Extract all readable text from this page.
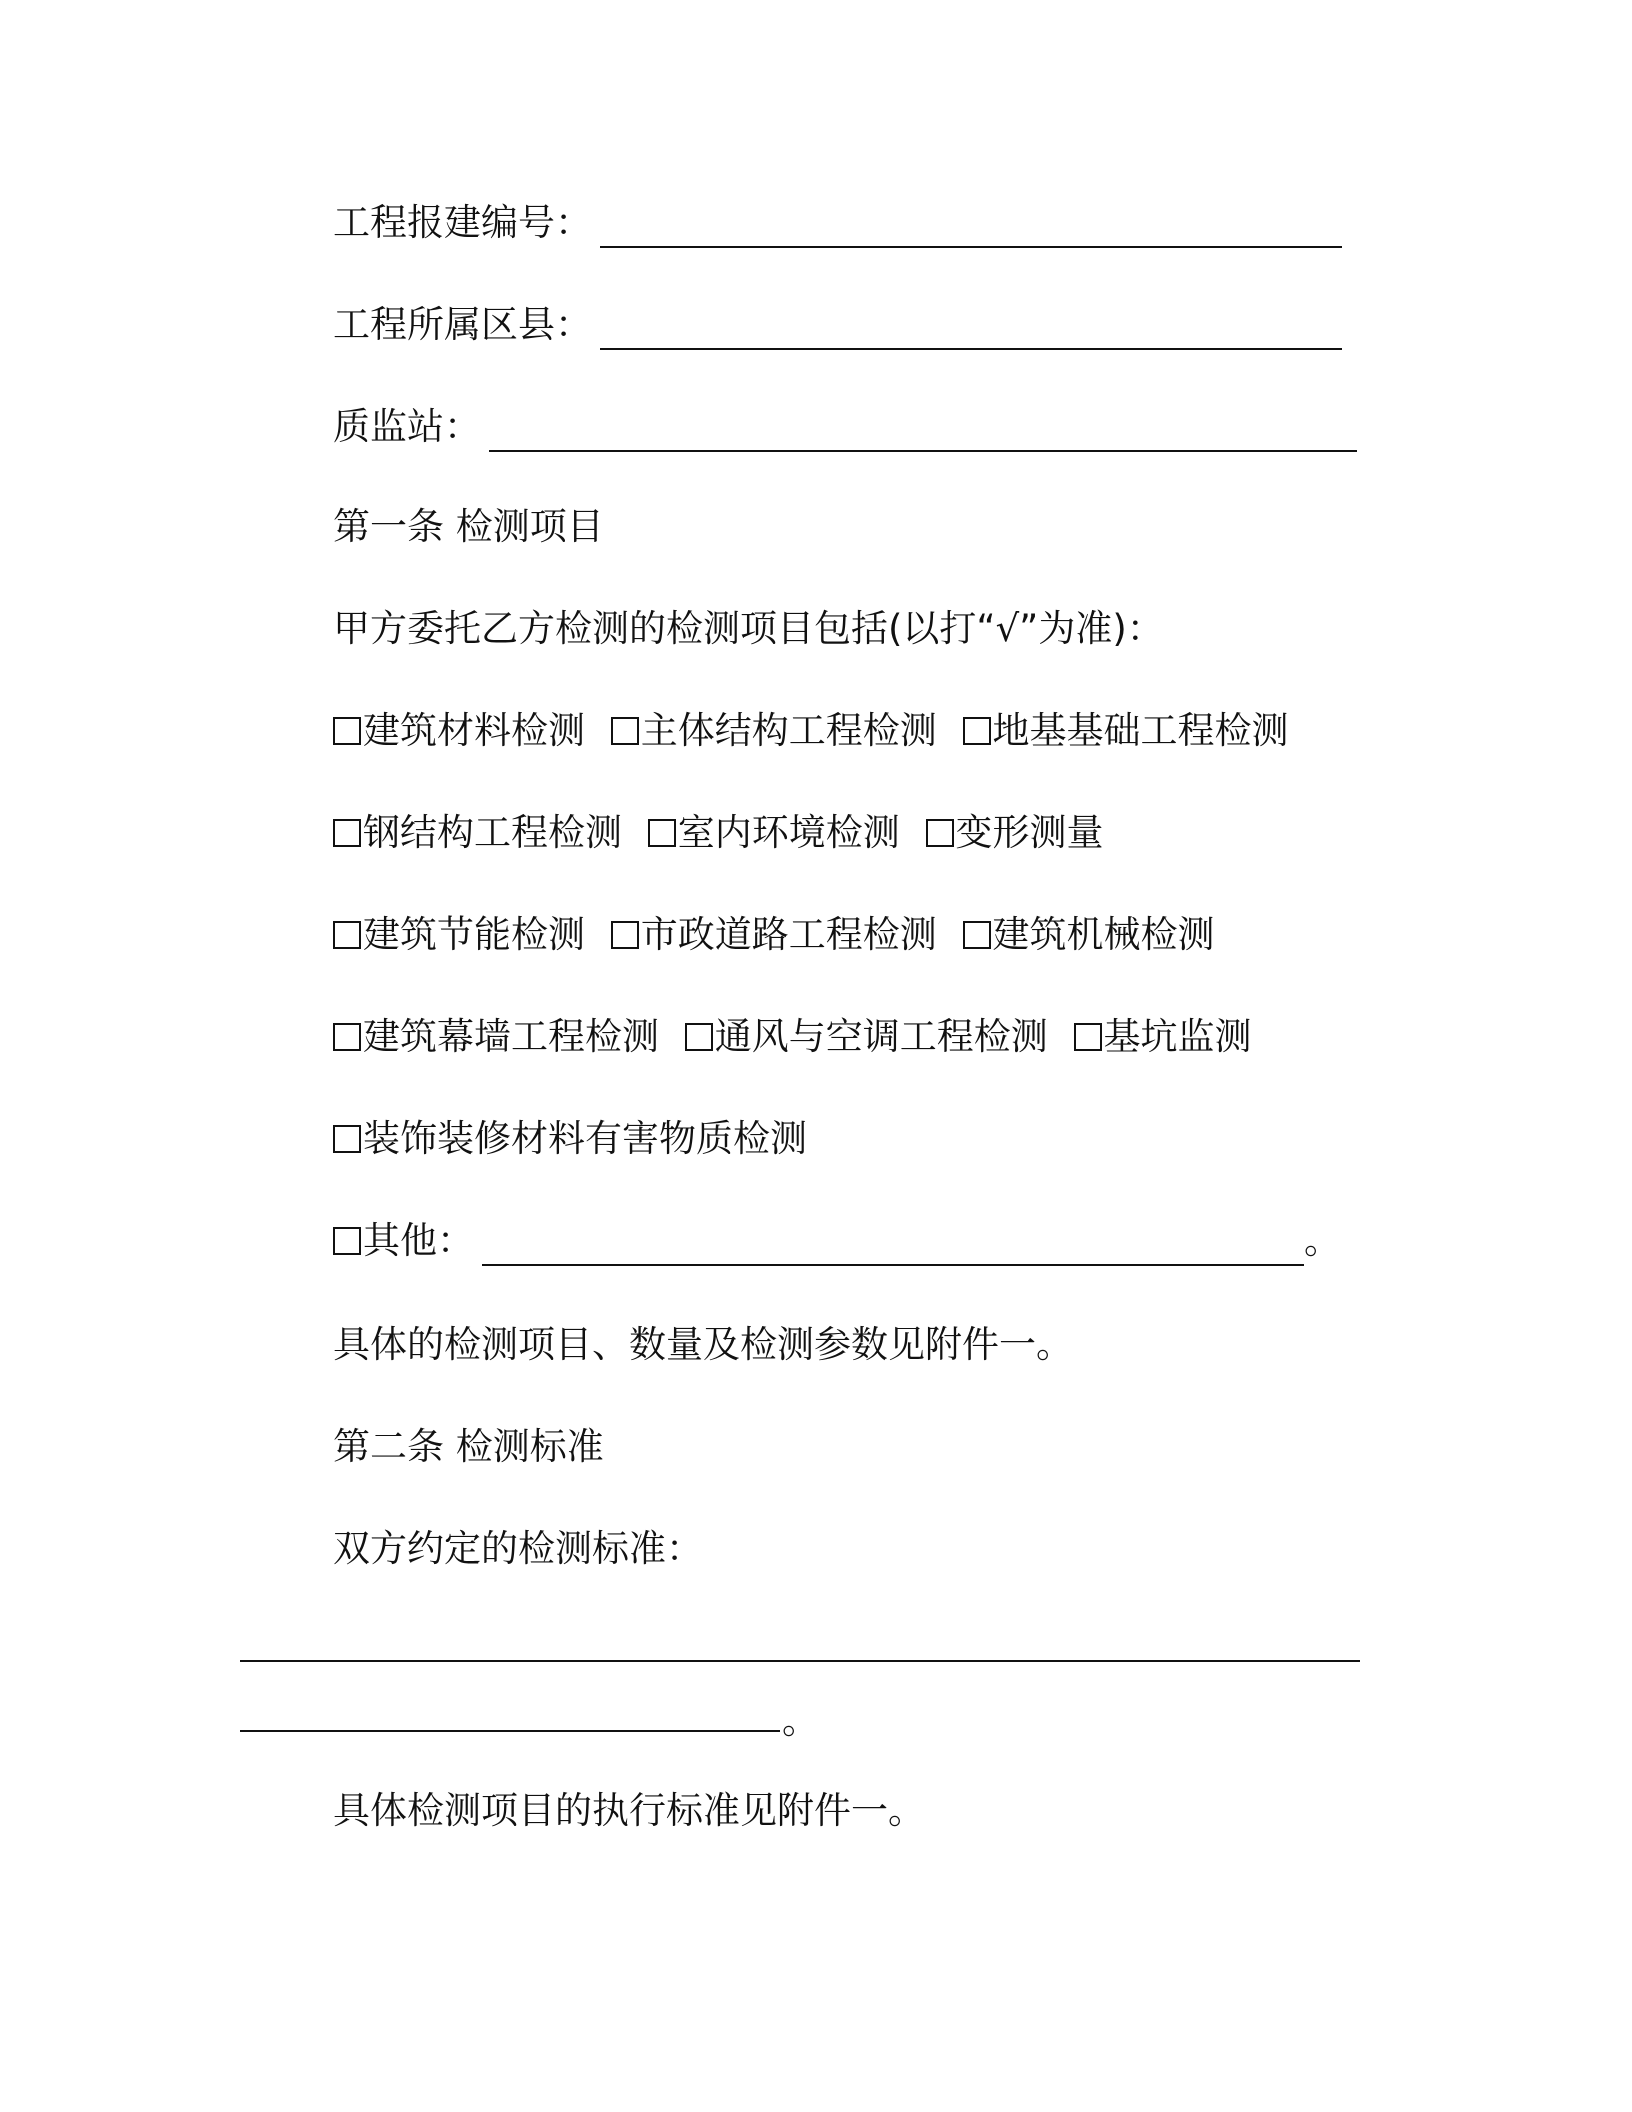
工程报建编号：
工程所属区县：
质监站：
第一条 检测项目
甲方委托乙方检测的检测项目包括(以打“√”为准)：
建筑材料检测 主体结构工程检测 地基基础工程检测
钢结构工程检测 室内环境检测 变形测量
建筑节能检测 市政道路工程检测 建筑机械检测
建筑幕墙工程检测 通风与空调工程检测 基坑监测
装饰装修材料有害物质检测
其他：	。
具体的检测项目、数量及检测参数见附件一。
第二条 检测标准
双方约定的检测标准：
。
具体检测项目的执行标准见附件一。
